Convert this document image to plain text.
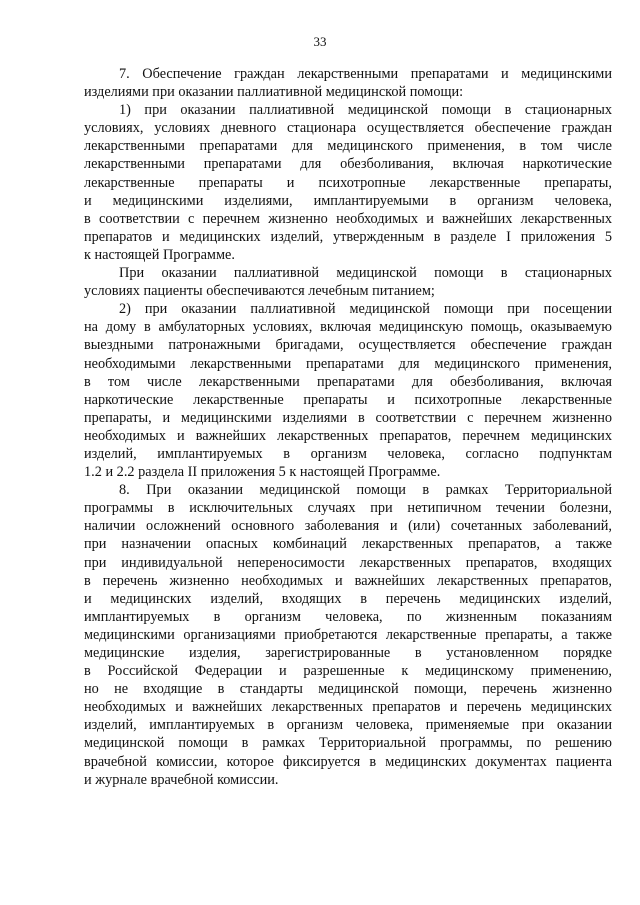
33

7. Обеспечение граждан лекарственными препаратами и медицинскими
изделиями при оказании паллиативной медицинской помощи:

1) при оказании паллиативной медицинской помощи в стационарных
условиях, условиях дневного стационара осуществляется обеспечение граждан
лекарственными препаратами для медицинского применения, в том числе
лекарственными препаратами для обезболивания, включая наркотические
лекарственные препараты и психотропные лекарственные препараты,
и медицинскими изделиями, имплантируемыми в организм человека,
в соответствии с перечнем жизненно необходимых и важнейших лекарственных
препаратов и медицинских изделий, утвержденным в разделе I приложения 5
к настоящей Программе.

При оказании паллиативной медицинской помощи в стационарных
условиях пациенты обеспечиваются лечебным питанием;

2) при оказании паллиативной медицинской помощи при посещении
на дому в амбулаторных условиях, включая медицинскую помощь, оказываемую
выездными патронажными бригадами, осуществляется обеспечение граждан
необходимыми лекарственными препаратами для медицинского применения,
в том числе лекарственными препаратами для обезболивания, включая
наркотические лекарственные препараты и психотропные лекарственные
препараты, и медицинскими изделиями в соответствии с перечнем жизненно
необходимых и важнейших лекарственных препаратов, перечнем медицинских
изделий, имплантируемых в организм человека, согласно подпунктам
1.2 и 2.2 раздела II приложения 5 к настоящей Программе.

8. При оказании медицинской помощи в рамках Территориальной
программы в исключительных случаях при нетипичном течении болезни,
наличии осложнений основного заболевания и (или) сочетанных заболеваний,
при назначении опасных комбинаций лекарственных препаратов, а также
при индивидуальной непереносимости лекарственных препаратов, входящих
в перечень жизненно необходимых и важнейших лекарственных препаратов,
и медицинских изделий, входящих в перечень медицинских изделий,
имплантируемых в организм человека, по жизненным показаниям
медицинскими организациями приобретаются лекарственные препараты, а также
медицинские изделия, зарегистрированные в установленном порядке
в Российской Федерации и разрешенные к медицинскому применению,
но не входящие в стандарты медицинской помощи, перечень жизненно
необходимых и важнейших лекарственных препаратов и перечень медицинских
изделий, имплантируемых в организм человека, применяемые при оказании
медицинской помощи в рамках Территориальной программы, по решению
врачебной комиссии, которое фиксируется в медицинских документах пациента
и журнале врачебной комиссии.
